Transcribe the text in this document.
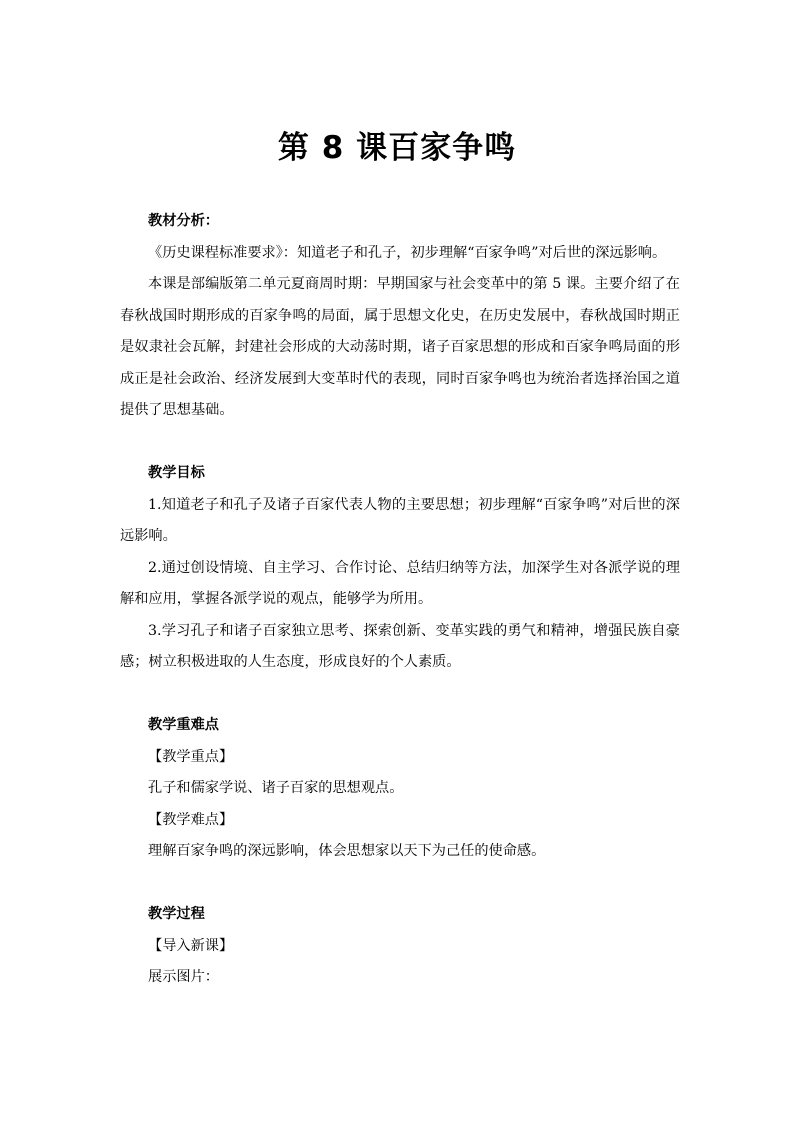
第 8 课百家争鸣
教材分析：

《历史课程标准要求》：知道老子和孔子，初步理解“百家争鸣”对后世的深远影响。

本课是部编版第二单元夏商周时期：早期国家与社会变革中的第 5 课。主要介绍了在春秋战国时期形成的百家争鸣的局面，属于思想文化史，在历史发展中，春秋战国时期正是奴隶社会瓦解，封建社会形成的大动荡时期，诸子百家思想的形成和百家争鸣局面的形成正是社会政治、经济发展到大变革时代的表现，同时百家争鸣也为统治者选择治国之道提供了思想基础。

教学目标

1.知道老子和孔子及诸子百家代表人物的主要思想；初步理解“百家争鸣”对后世的深远影响。

2.通过创设情境、自主学习、合作讨论、总结归纳等方法，加深学生对各派学说的理解和应用，掌握各派学说的观点，能够学为所用。

3.学习孔子和诸子百家独立思考、探索创新、变革实践的勇气和精神，增强民族自豪感；树立积极进取的人生态度，形成良好的个人素质。

教学重难点

【教学重点】

孔子和儒家学说、诸子百家的思想观点。

【教学难点】

理解百家争鸣的深远影响，体会思想家以天下为己任的使命感。

教学过程

【导入新课】

展示图片：
